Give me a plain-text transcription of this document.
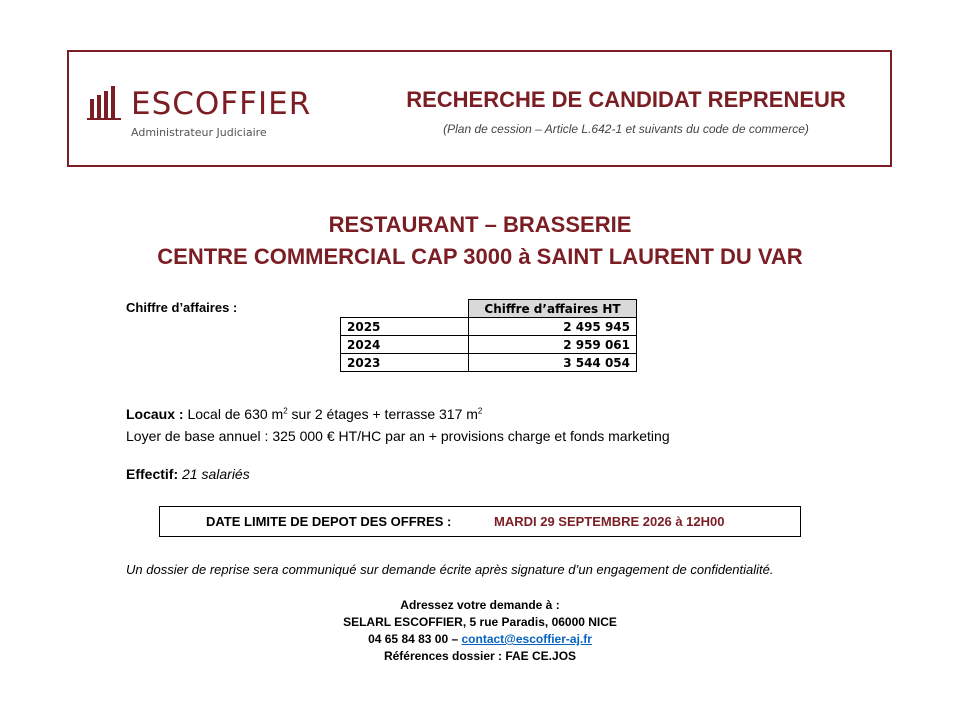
ESCOFFIER
Administrateur Judiciaire
RECHERCHE DE CANDIDAT REPRENEUR
(Plan de cession – Article L.642-1 et suivants du code de commerce)
RESTAURANT – BRASSERIE
CENTRE COMMERCIAL CAP 3000 à SAINT LAURENT DU VAR
Chiffre d’affaires :
		Chiffre d’affaires HT
2025	2 495 945
2024	2 959 061
2023	3 544 054
Locaux : Local de 630 $m^2$ sur 2 étages + terrasse 317 $m^2$
Loyer de base annuel : 325 000 € HT/HC par an + provisions charge et fonds marketing
Effectif: 21 salariés
DATE LIMITE DE DEPOT DES OFFRES :	MARDI 29 SEPTEMBRE 2026 à 12H00
Un dossier de reprise sera communiqué sur demande écrite après signature d’un engagement de confidentialité.
Adressez votre demande à :
SELARL ESCOFFIER, 5 rue Paradis, 06000 NICE
04 65 84 83 00 – contact@escoffier-aj.fr
Références dossier : FAE CE.JOS
